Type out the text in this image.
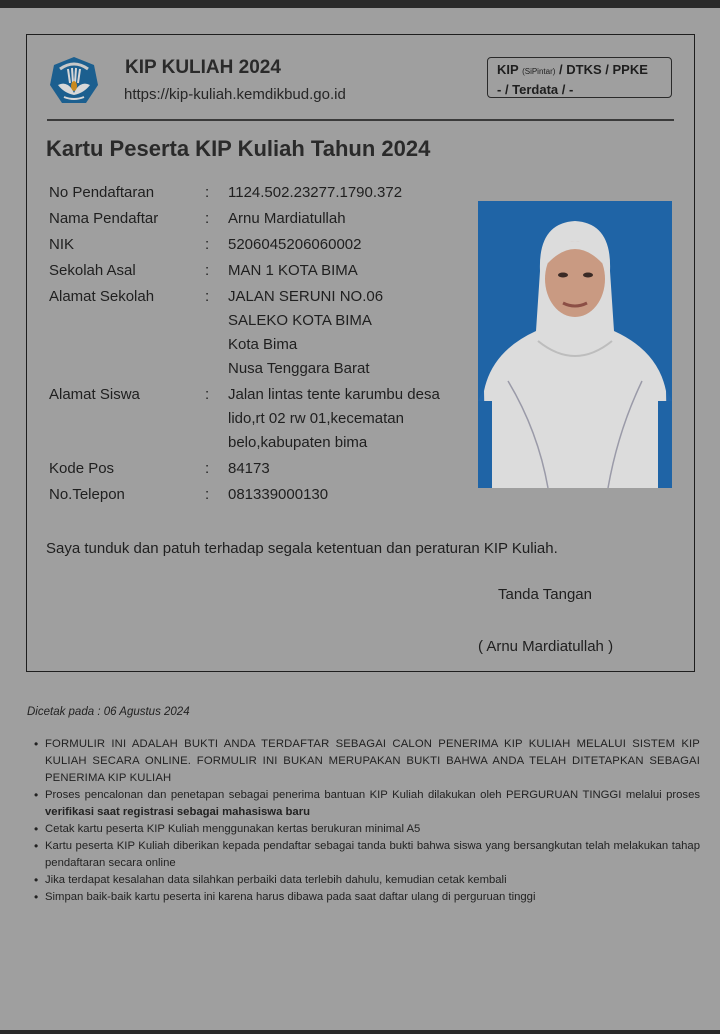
KIP KULIAH 2024
https://kip-kuliah.kemdikbud.go.id
KIP (SiPintar) / DTKS / PPKE
- / Terdata / -
Kartu Peserta KIP Kuliah Tahun 2024
No Pendaftaran	:	1124.502.23277.1790.372
Nama Pendaftar	:	Arnu Mardiatullah
NIK	:	5206045206060002
Sekolah Asal	:	MAN 1 KOTA BIMA
Alamat Sekolah	:	JALAN SERUNI NO.06
SALEKO KOTA BIMA
Kota Bima
Nusa Tenggara Barat
Alamat Siswa	:	Jalan lintas tente karumbu desa
lido,rt 02 rw 01,kecematan
belo,kabupaten bima
Kode Pos	:	84173
No.Telepon	:	081339000130
Saya tunduk dan patuh terhadap segala ketentuan dan peraturan KIP Kuliah.
Tanda Tangan
( Arnu Mardiatullah )
Dicetak pada : 06 Agustus 2024
• FORMULIR INI ADALAH BUKTI ANDA TERDAFTAR SEBAGAI CALON PENERIMA KIP KULIAH MELALUI SISTEM KIP KULIAH SECARA ONLINE. FORMULIR INI BUKAN MERUPAKAN BUKTI BAHWA ANDA TELAH DITETAPKAN SEBAGAI PENERIMA KIP KULIAH
• Proses pencalonan dan penetapan sebagai penerima bantuan KIP Kuliah dilakukan oleh PERGURUAN TINGGI melalui proses verifikasi saat registrasi sebagai mahasiswa baru
• Cetak kartu peserta KIP Kuliah menggunakan kertas berukuran minimal A5
• Kartu peserta KIP Kuliah diberikan kepada pendaftar sebagai tanda bukti bahwa siswa yang bersangkutan telah melakukan tahap pendaftaran secara online
• Jika terdapat kesalahan data silahkan perbaiki data terlebih dahulu, kemudian cetak kembali
• Simpan baik-baik kartu peserta ini karena harus dibawa pada saat daftar ulang di perguruan tinggi
